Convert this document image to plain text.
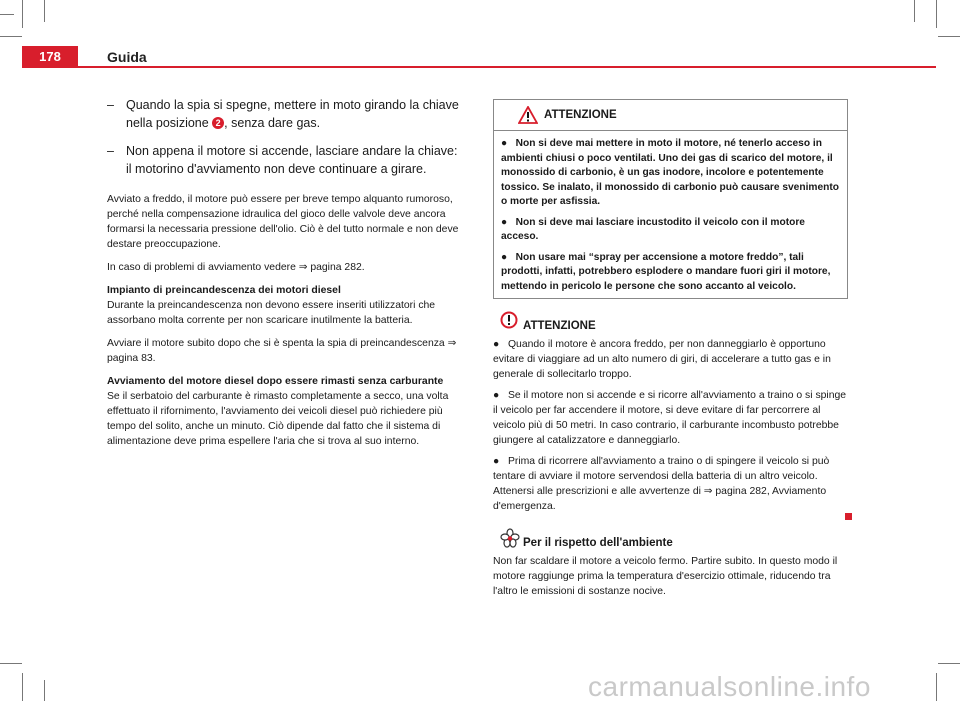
178	Guida
– Quando la spia si spegne, mettere in moto girando la chiave nella posizione 2 , senza dare gas.
– Non appena il motore si accende, lasciare andare la chiave: il motorino d'avviamento non deve continuare a girare.

Avviato a freddo, il motore può essere per breve tempo alquanto rumoroso, perché nella compensazione idraulica del gioco delle valvole deve ancora formarsi la necessaria pressione dell'olio. Ciò è del tutto normale e non deve destare preoccupazione.

In caso di problemi di avviamento vedere ⇒ pagina 282.

Impianto di preincandescenza dei motori diesel

Durante la preincandescenza non devono essere inseriti utilizzatori che assorbano molta corrente per non scaricare inutilmente la batteria.

Avviare il motore subito dopo che si è spenta la spia di preincandescenza ⇒ pagina 83.

Avviamento del motore diesel dopo essere rimasti senza carburante

Se il serbatoio del carburante è rimasto completamente a secco, una volta effettuato il rifornimento, l'avviamento dei veicoli diesel può richiedere più tempo del solito, anche un minuto. Ciò dipende dal fatto che il sistema di alimentazione deve prima espellere l'aria che si trova al suo interno.

ATTENZIONE

● Non si deve mai mettere in moto il motore, né tenerlo acceso in ambienti chiusi o poco ventilati. Uno dei gas di scarico del motore, il monossido di carbonio, è un gas inodore, incolore e potentemente tossico. Se inalato, il monossido di carbonio può causare svenimento o morte per asfissia.

● Non si deve mai lasciare incustodito il veicolo con il motore acceso.

● Non usare mai “spray per accensione a motore freddo”, tali prodotti, infatti, potrebbero esplodere o mandare fuori giri il motore, mettendo in pericolo le persone che sono accanto al veicolo.

ATTENZIONE

● Quando il motore è ancora freddo, per non danneggiarlo è opportuno evitare di viaggiare ad un alto numero di giri, di accelerare a tutto gas e in generale di sollecitarlo troppo.

● Se il motore non si accende e si ricorre all'avviamento a traino o si spinge il veicolo per far accendere il motore, si deve evitare di far percorrere al veicolo più di 50 metri. In caso contrario, il carburante incombusto potrebbe giungere al catalizzatore e danneggiarlo.

● Prima di ricorrere all'avviamento a traino o di spingere il veicolo si può tentare di avviare il motore servendosi della batteria di un altro veicolo. Attenersi alle prescrizioni e alle avvertenze di ⇒ pagina 282, Avviamento d'emergenza.

Per il rispetto dell'ambiente

Non far scaldare il motore a veicolo fermo. Partire subito. In questo modo il motore raggiunge prima la temperatura d'esercizio ottimale, riducendo tra l'altro le emissioni di sostanze nocive.

carmanualsonline.info
